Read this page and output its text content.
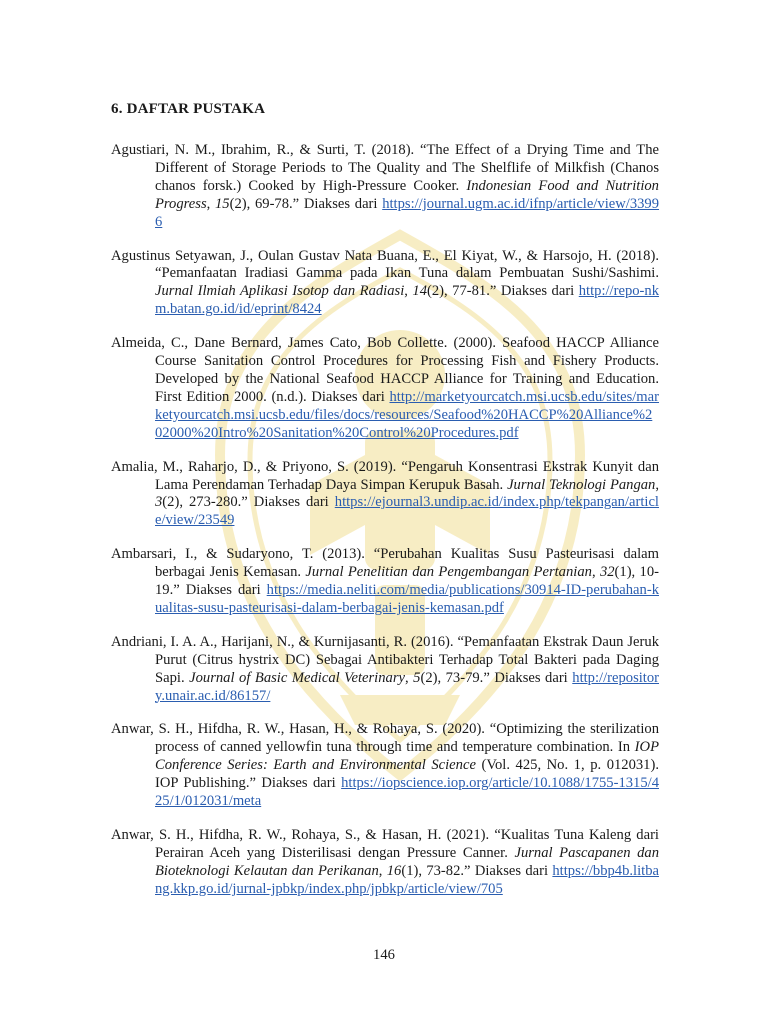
6. DAFTAR PUSTAKA

Agustiari, N. M., Ibrahim, R., & Surti, T. (2018). “The Effect of a Drying Time and The Different of Storage Periods to The Quality and The Shelflife of Milkfish (Chanos chanos forsk.) Cooked by High-Pressure Cooker. Indonesian Food and Nutrition Progress, 15(2), 69-78.” Diakses dari https://journal.ugm.ac.id/ifnp/article/view/33996

Agustinus Setyawan, J., Oulan Gustav Nata Buana, E., El Kiyat, W., & Harsojo, H. (2018). “Pemanfaatan Iradiasi Gamma pada Ikan Tuna dalam Pembuatan Sushi/Sashimi. Jurnal Ilmiah Aplikasi Isotop dan Radiasi, 14(2), 77-81.” Diakses dari http://repo-nkm.batan.go.id/id/eprint/8424

Almeida, C., Dane Bernard, James Cato, Bob Collette. (2000). Seafood HACCP Alliance Course Sanitation Control Procedures for Processing Fish and Fishery Products. Developed by the National Seafood HACCP Alliance for Training and Education. First Edition 2000. (n.d.). Diakses dari http://marketyourcatch.msi.ucsb.edu/sites/marketyourcatch.msi.ucsb.edu/files/docs/resources/Seafood%20HACCP%20Alliance%202000%20Intro%20Sanitation%20Control%20Procedures.pdf

Amalia, M., Raharjo, D., & Priyono, S. (2019). “Pengaruh Konsentrasi Ekstrak Kunyit dan Lama Perendaman Terhadap Daya Simpan Kerupuk Basah. Jurnal Teknologi Pangan, 3(2), 273-280.” Diakses dari https://ejournal3.undip.ac.id/index.php/tekpangan/article/view/23549

Ambarsari, I., & Sudaryono, T. (2013). “Perubahan Kualitas Susu Pasteurisasi dalam berbagai Jenis Kemasan. Jurnal Penelitian dan Pengembangan Pertanian, 32(1), 10-19.” Diakses dari https://media.neliti.com/media/publications/30914-ID-perubahan-kualitas-susu-pasteurisasi-dalam-berbagai-jenis-kemasan.pdf

Andriani, I. A. A., Harijani, N., & Kurnijasanti, R. (2016). “Pemanfaatan Ekstrak Daun Jeruk Purut (Citrus hystrix DC) Sebagai Antibakteri Terhadap Total Bakteri pada Daging Sapi. Journal of Basic Medical Veterinary, 5(2), 73-79.” Diakses dari http://repository.unair.ac.id/86157/

Anwar, S. H., Hifdha, R. W., Hasan, H., & Rohaya, S. (2020). “Optimizing the sterilization process of canned yellowfin tuna through time and temperature combination. In IOP Conference Series: Earth and Environmental Science (Vol. 425, No. 1, p. 012031). IOP Publishing.” Diakses dari https://iopscience.iop.org/article/10.1088/1755-1315/425/1/012031/meta

Anwar, S. H., Hifdha, R. W., Rohaya, S., & Hasan, H. (2021). “Kualitas Tuna Kaleng dari Perairan Aceh yang Disterilisasi dengan Pressure Canner. Jurnal Pascapanen dan Bioteknologi Kelautan dan Perikanan, 16(1), 73-82.” Diakses dari https://bbp4b.litbang.kkp.go.id/jurnal-jpbkp/index.php/jpbkp/article/view/705

146
